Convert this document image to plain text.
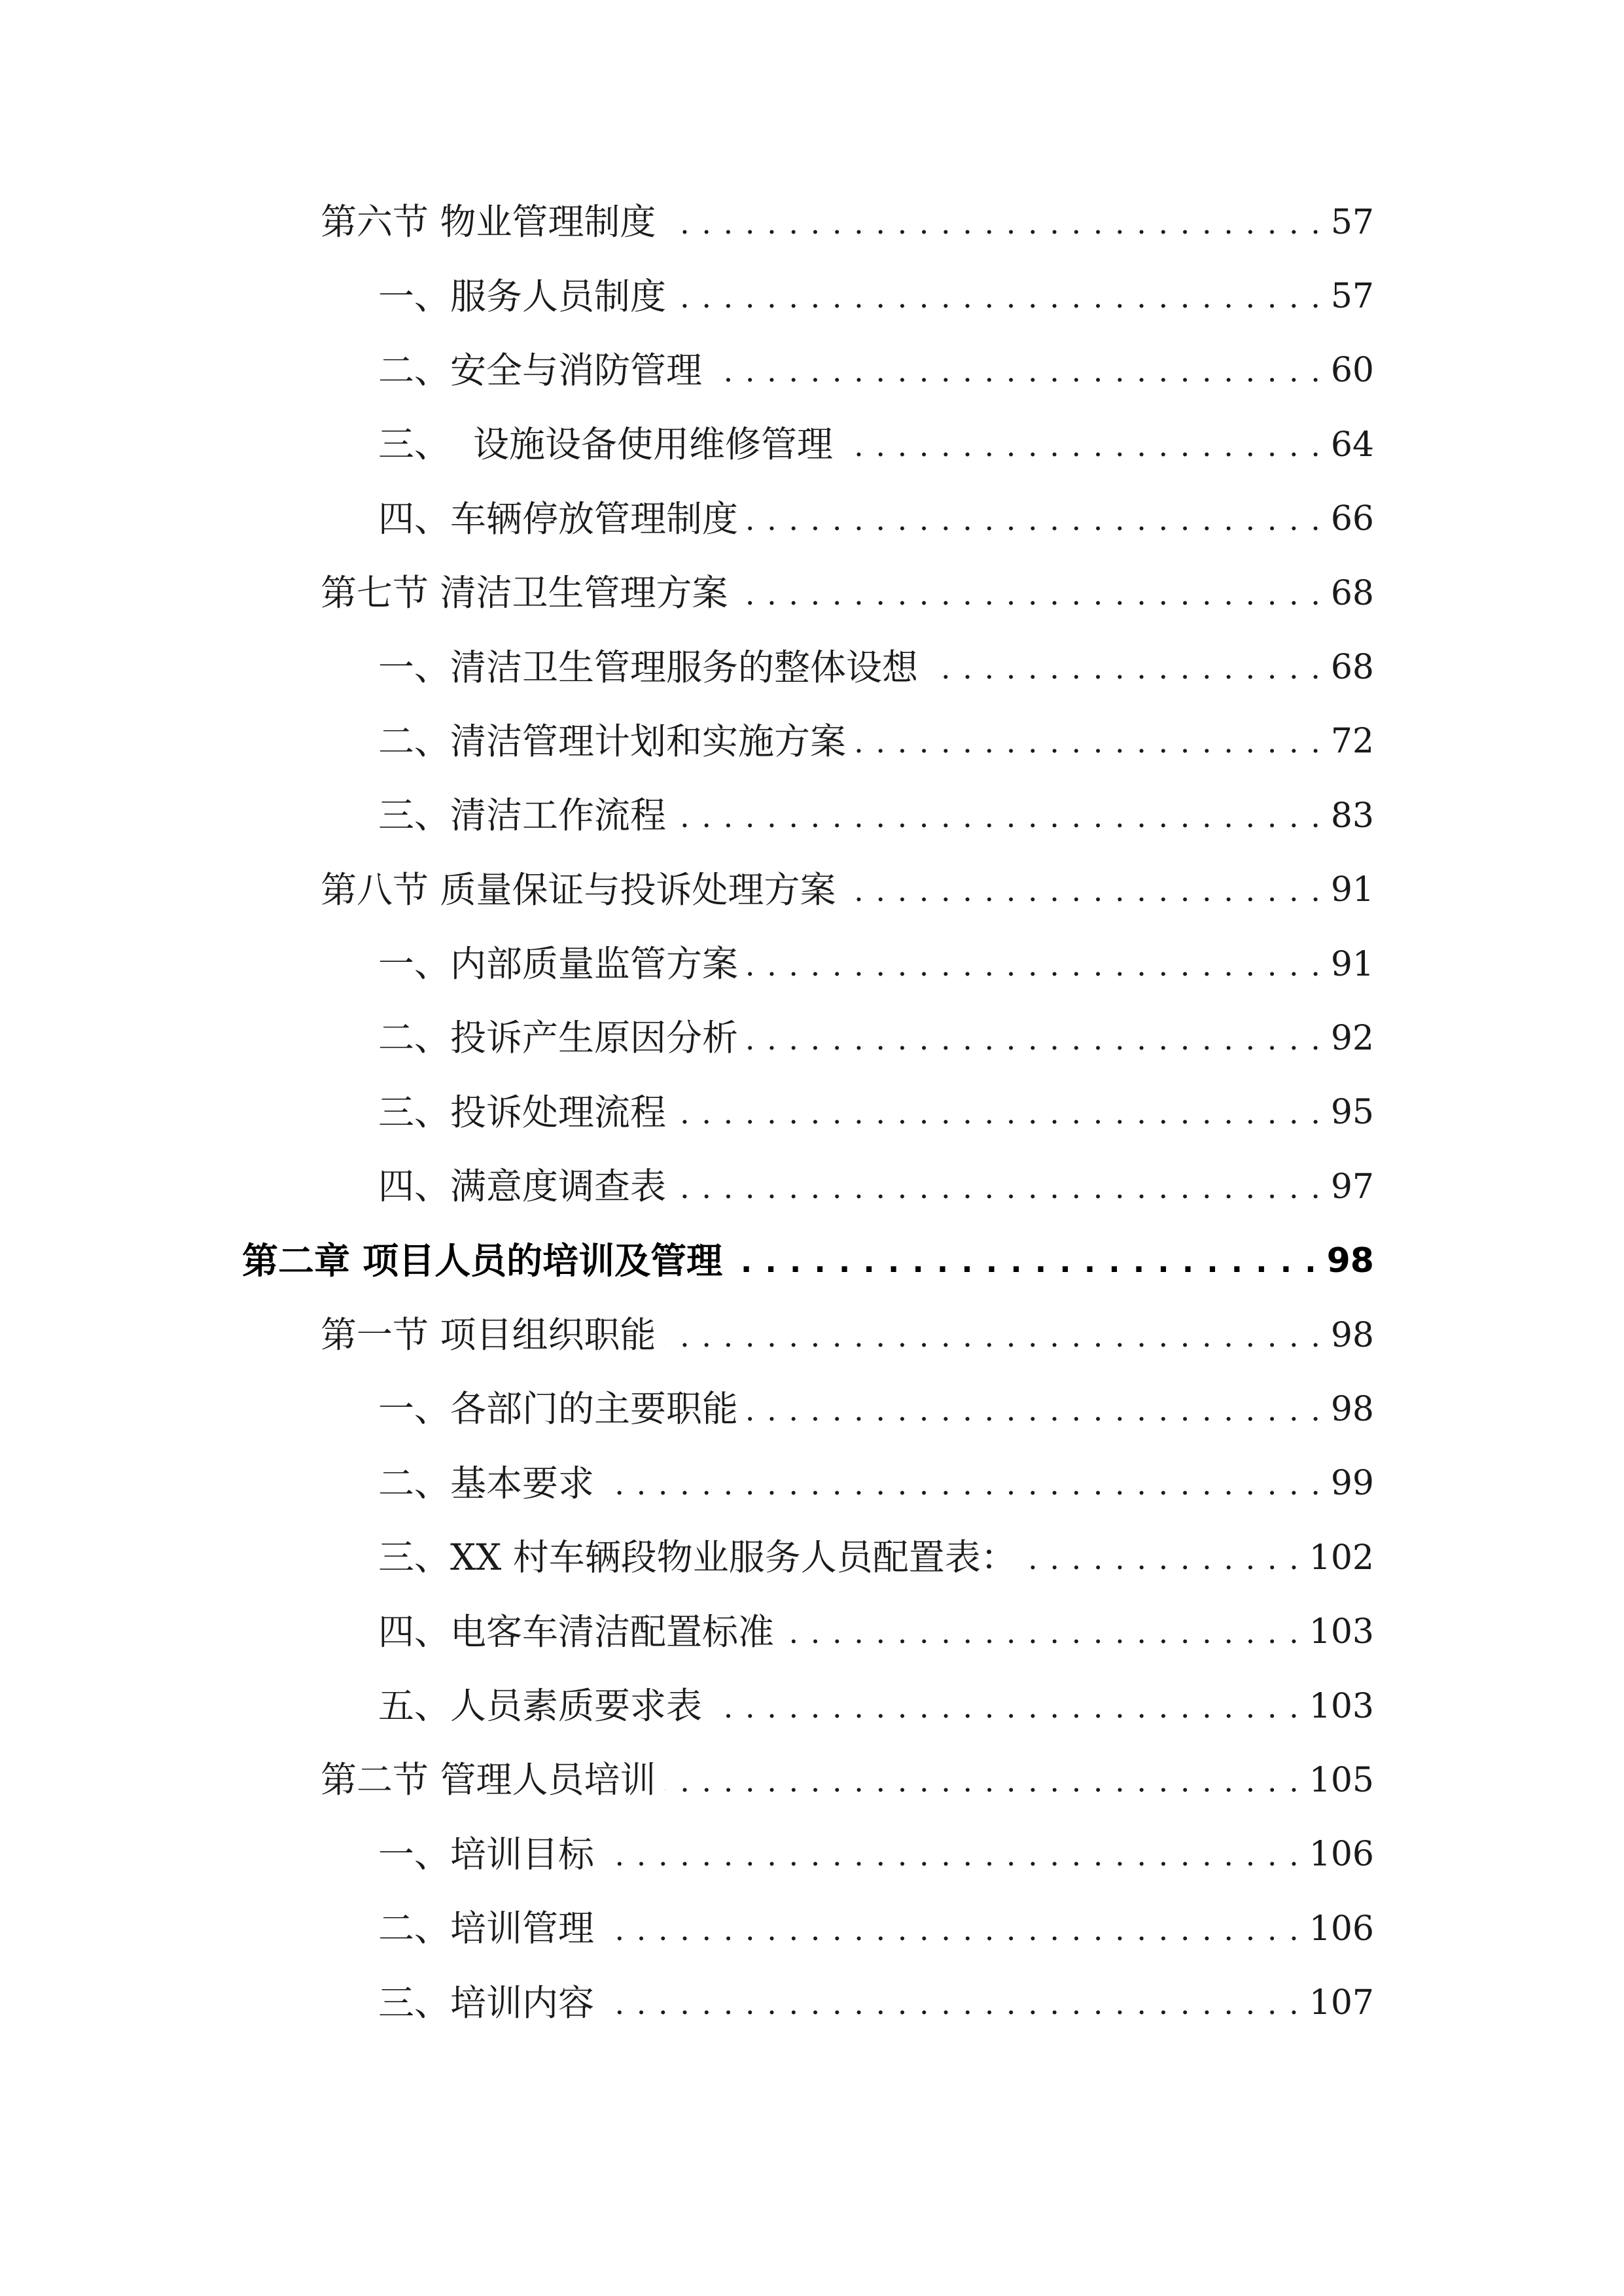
第六节 物业管理制度 . . .	57
一、服务人员制度 . . .	57
二、安全与消防管理 . . .	60
三、  设施设备使用维修管理 . . .	64
四、车辆停放管理制度 . . .	66
第七节 清洁卫生管理方案 . . .	68
一、清洁卫生管理服务的整体设想 . . .	68
二、清洁管理计划和实施方案 . . .	72
三、清洁工作流程 . . .	83
第八节 质量保证与投诉处理方案 . . .	91
一、内部质量监管方案 . . .	91
二、投诉产生原因分析 . . .	92
三、投诉处理流程 . . .	95
四、满意度调查表 . . .	97
第二章 项目人员的培训及管理 . . .	98
第一节 项目组织职能 . . .	98
一、各部门的主要职能 . . .	98
二、基本要求 . . .	99
三、XX 村车辆段物业服务人员配置表： . . .	102
四、电客车清洁配置标准 . . .	103
五、人员素质要求表 . . .	103
第二节 管理人员培训 . . .	105
一、培训目标 . . .	106
二、培训管理 . . .	106
三、培训内容 . . .	107
